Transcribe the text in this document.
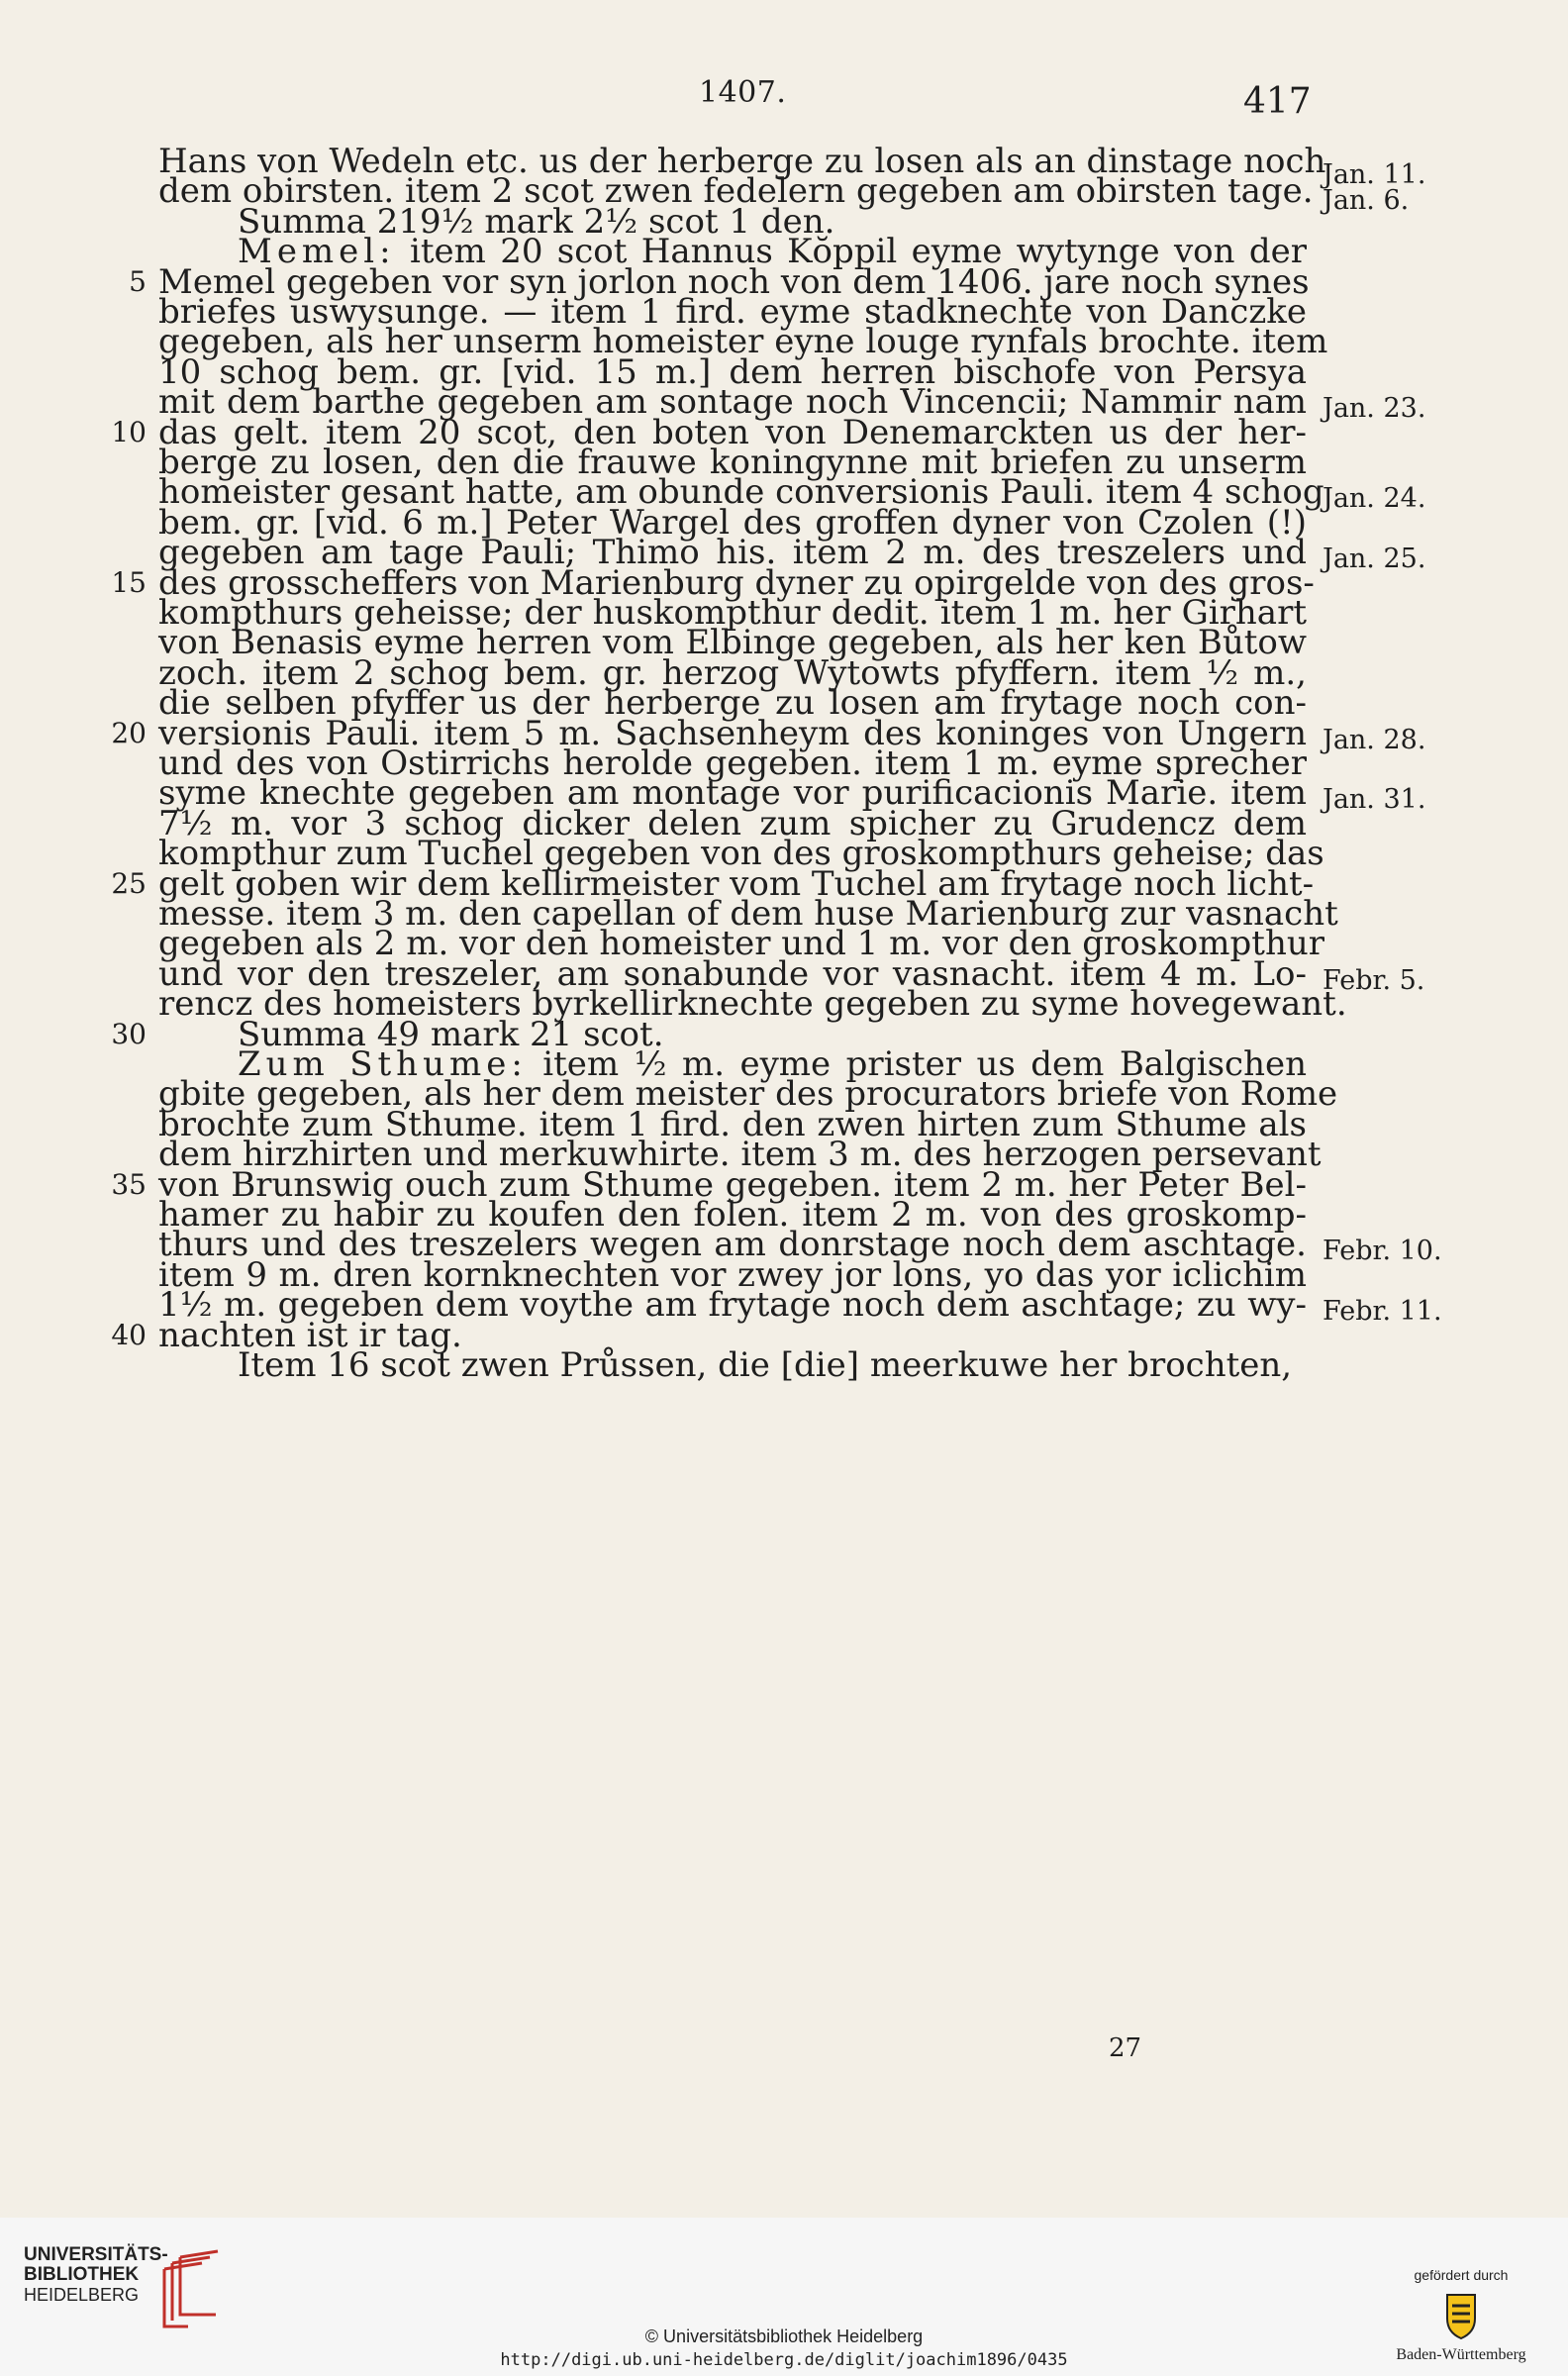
1407.	417
Hans von Wedeln etc. us der herberge zu losen als an dinstage noch
dem obirsten. item 2 scot zwen fedelern gegeben am obirsten tage. Jan. 11.
Jan. 6.
Summa 219½ mark 2½ scot 1 den.
Memel: item 20 scot Hannus Kŏppil eyme wytynge von der
Memel gegeben vor syn jorlon noch von dem 1406. jare noch synes
briefes uswysunge. — item 1 fird. eyme stadknechte von Danczke
gegeben, als her unserm homeister eyne louge rynfals brochte. item
10 schog bem. gr. [vid. 15 m.] dem herren bischofe von Persya
mit dem barthe gegeben am sontage noch Vincencii; Nammir nam Jan. 23.
das gelt. item 20 scot, den boten von Denemarckten us der her-
berge zu losen, den die frauwe koningynne mit briefen zu unserm
homeister gesant hatte, am obunde conversionis Pauli. item 4 schog
Jan. 24.
bem. gr. [vid. 6 m.] Peter Wargel des groffen dyner von Czolen (!)
gegeben am tage Pauli; Thimo his. item 2 m. des treszelers und Jan. 25.
des grosscheffers von Marienburg dyner zu opirgelde von des gros-
kompthurs geheisse; der huskompthur dedit. item 1 m. her Girhart
von Benasis eyme herren vom Elbinge gegeben, als her ken Bůtow
zoch. item 2 schog bem. gr. herzog Wytowts pfyffern. item ½ m.,
die selben pfyffer us der herberge zu losen am frytage noch con-
versionis Pauli. item 5 m. Sachsenheym des koninges von Ungern Jan. 28.
und des von Ostirrichs herolde gegeben. item 1 m. eyme sprecher
syme knechte gegeben am montage vor purificacionis Marie. item Jan. 31.
7½ m. vor 3 schog dicker delen zum spicher zu Grudencz dem
kompthur zum Tuchel gegeben von des groskompthurs geheise; das
gelt goben wir dem kellirmeister vom Tuchel am frytage noch licht-
messe. item 3 m. den capellan of dem huse Marienburg zur vasnacht
gegeben als 2 m. vor den homeister und 1 m. vor den groskompthur
und vor den treszeler, am sonabunde vor vasnacht. item 4 m. Lo- Febr. 5.
rencz des homeisters byrkellirknechte gegeben zu syme hovegewant.
Summa 49 mark 21 scot.
Zum Sthume: item ½ m. eyme prister us dem Balgischen
gbite gegeben, als her dem meister des procurators briefe von Rome
brochte zum Sthume. item 1 fird. den zwen hirten zum Sthume als
dem hirzhirten und merkuwhirte. item 3 m. des herzogen persevant
von Brunswig ouch zum Sthume gegeben. item 2 m. her Peter Bel-
hamer zu habir zu koufen den folen. item 2 m. von des groskomp-
thurs und des treszelers wegen am donrstage noch dem aschtage. Febr. 10.
item 9 m. dren kornknechten vor zwey jor lons, yo das yor iclichim
1½ m. gegeben dem voythe am frytage noch dem aschtage; zu wy- Febr. 11.
nachten ist ir tag.
Item 16 scot zwen Průssen, die [die] meerkuwe her brochten,
5
10
15
20
25
30
35
40
27
UNIVERSITÄTS-
BIBLIOTHEK
HEIDELBERG
© Universitätsbibliothek Heidelberg
http://digi.ub.uni-heidelberg.de/diglit/joachim1896/0435
gefördert durch
Baden-Württemberg
